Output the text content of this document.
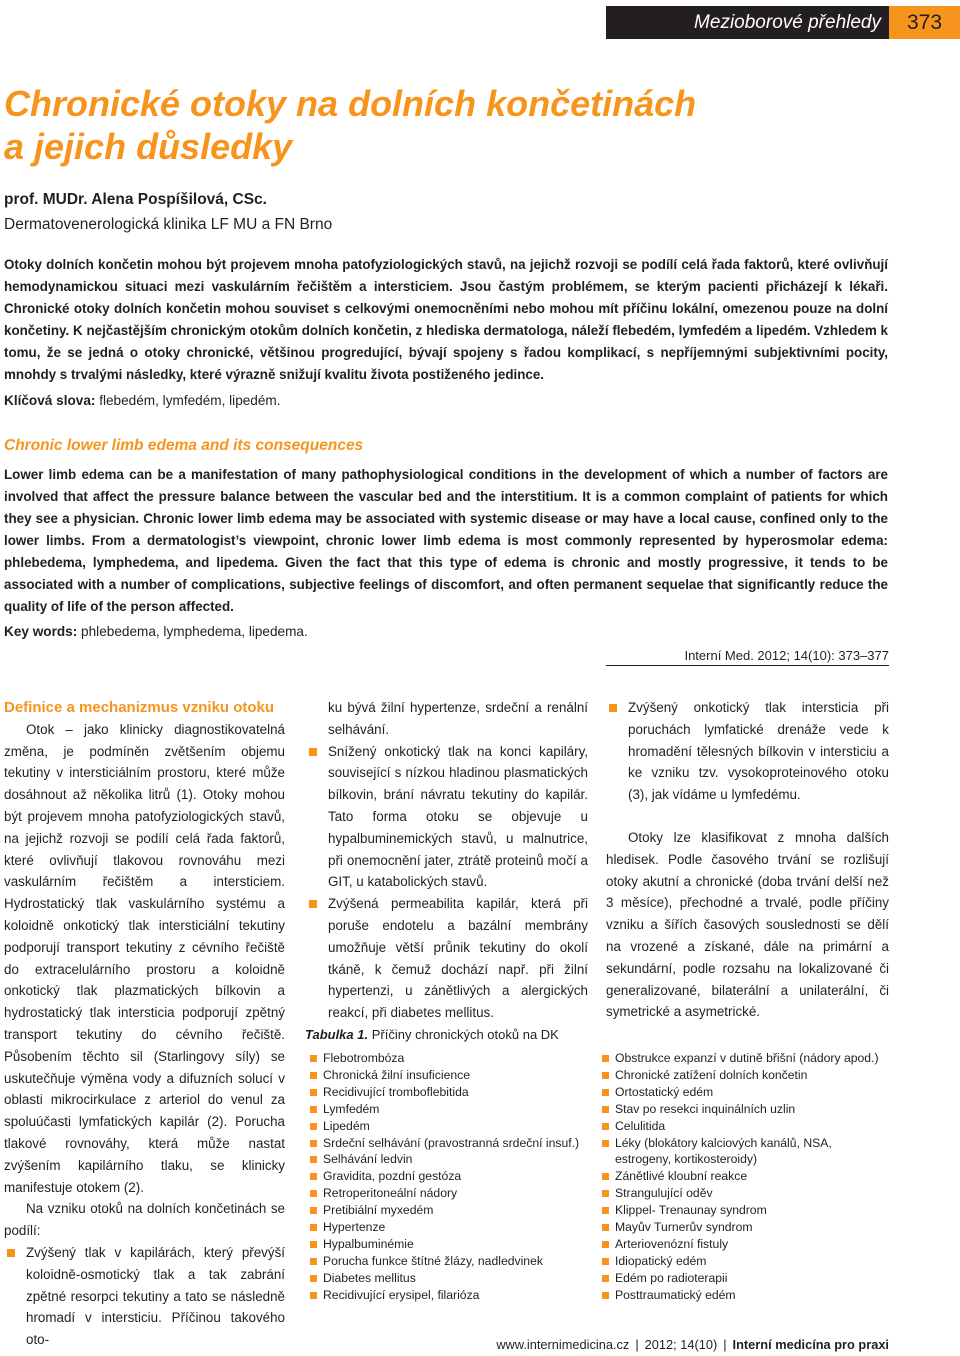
Mezioborové přehledy	373
Chronické otoky na dolních končetinách
a jejich důsledky
prof. MUDr. Alena Pospíšilová, CSc.
Dermatovenerologická klinika LF MU a FN Brno

Otoky dolních končetin mohou být projevem mnoha patofyziologických stavů, na jejichž rozvoji se podílí celá řada faktorů, které ovlivňují hemodynamickou situaci mezi vaskulárním řečištěm a intersticiem. Jsou častým problémem, se kterým pacienti přicházejí k lékaři. Chronické otoky dolních končetin mohou souviset s celkovými onemocněními nebo mohou mít příčinu lokální, omezenou pouze na dolní končetiny. K nejčastějším chronickým otokům dolních končetin, z hlediska dermatologa, náleží flebedém, lymfedém a lipedém. Vzhledem k tomu, že se jedná o otoky chronické, většinou progredující, bývají spojeny s řadou komplikací, s nepříjemnými subjektivními pocity, mnohdy s trvalými následky, které výrazně snižují kvalitu života postiženého jedince.

Klíčová slova: flebedém, lymfedém, lipedém.
Chronic lower limb edema and its consequences

Lower limb edema can be a manifestation of many pathophysiological conditions in the development of which a number of factors are involved that affect the pressure balance between the vascular bed and the interstitium. It is a common complaint of patients for which they see a physician. Chronic lower limb edema may be associated with systemic disease or may have a local cause, confined only to the lower limbs. From a dermatologist’s viewpoint, chronic lower limb edema is most commonly represented by hyperosmolar edema: phlebedema, lymphedema, and lipedema. Given the fact that this type of edema is chronic and mostly progressive, it tends to be associated with a number of complications, subjective feelings of discomfort, and often permanent sequelae that significantly reduce the quality of life of the person affected.

Key words: phlebedema, lymphedema, lipedema.
Interní Med. 2012; 14(10): 373–377

Definice a mechanizmus vzniku otoku

Otok – jako klinicky diagnostikovatelná změna, je podmíněn zvětšením objemu tekutiny v intersticiálním prostoru, které může dosáhnout až několika litrů (1). Otoky mohou být projevem mnoha patofyziologických stavů, na jejichž rozvoji se podílí celá řada faktorů, které ovlivňují tlakovou rovnováhu mezi vaskulárním řečištěm a intersticiem. Hydrostatický tlak vaskulárního systému a koloidně onkotický tlak intersticiální tekutiny podporují transport tekutiny z cévního řečiště do extracelulárního prostoru a koloidně onkotický tlak plazmatických bílkovin a hydrostatický tlak intersticia podporují zpětný transport tekutiny do cévního řečiště. Působením těchto sil (Starlingovy síly) se uskutečňuje výměna vody a difuzních solucí v oblasti mikrocirkulace z arteriol do venul za spoluúčasti lymfatických kapilár (2). Porucha tlakové rovnováhy, která může nastat zvýšením kapilárního tlaku, se klinicky manifestuje otokem (2).

Na vzniku otoků na dolních končetinách se podílí:

Zvýšený tlak v kapilárách, který převýší koloidně-osmotický tlak a tak zabrání zpětné resorpci tekutiny a tato se následně hromadí v intersticiu. Příčinou takového oto-
ku bývá žilní hypertenze, srdeční a renální selhávání.
Snížený onkotický tlak na konci kapiláry, související s nízkou hladinou plasmatických bílkovin, brání návratu tekutiny do kapilár. Tato forma otoku se objevuje u hypalbuminemických stavů, u malnutrice, při onemocnění jater, ztrátě proteinů močí a GIT, u katabolických stavů.
Zvýšená permeabilita kapilár, která při poruše endotelu a bazální membrány umožňuje větší průnik tekutiny do okolí tkáně, k čemuž dochází např. při žilní hypertenzi, u zánětlivých a alergických reakcí, při diabetes mellitus.
Zvýšený onkotický tlak intersticia při poruchách lymfatické drenáže vede k hromadění tělesných bílkovin v intersticiu a ke vzniku tzv. vysokoproteinového otoku (3), jak vídáme u lymfedému.

Otoky lze klasifikovat z mnoha dalších hledisek. Podle časového trvání se rozlišují otoky akutní a chronické (doba trvání delší než 3 měsíce), přechodné a trvalé, podle příčiny vzniku a šířích časových souslednosti se dělí na vrozené a získané, dále na primární a sekundární, podle rozsahu na lokalizované či generalizované, bilaterální a unilaterální, či symetrické a asymetrické.

Tabulka 1. Příčiny chronických otoků na DK
Flebotrombóza
Chronická žilní insuficience
Recidivující tromboflebitida
Lymfedém
Lipedém
Srdeční selhávání (pravostranná srdeční insuf.)
Selhávání ledvin
Gravidita, pozdní gestóza
Retroperitoneální nádory
Pretibiální myxedém
Hypertenze
Hypalbuminémie
Porucha funkce štítné žlázy, nadledvinek
Diabetes mellitus
Recidivující erysipel, filarióza
Obstrukce expanzí v dutině břišní (nádory apod.)
Chronické zatížení dolních končetin
Ortostatický edém
Stav po resekci inquinálních uzlin
Celulitida
Léky (blokátory kalciových kanálů, NSA, estrogeny, kortikosteroidy)
Zánětlivé kloubní reakce
Strangulující oděv
Klippel- Trenaunay syndrom
Mayův Turnerův syndrom
Arteriovenózní fistuly
Idiopatický edém
Edém po radioterapii
Posttraumatický edém
www.internimedicina.cz | 2012; 14(10) | Interní medicína pro praxi
